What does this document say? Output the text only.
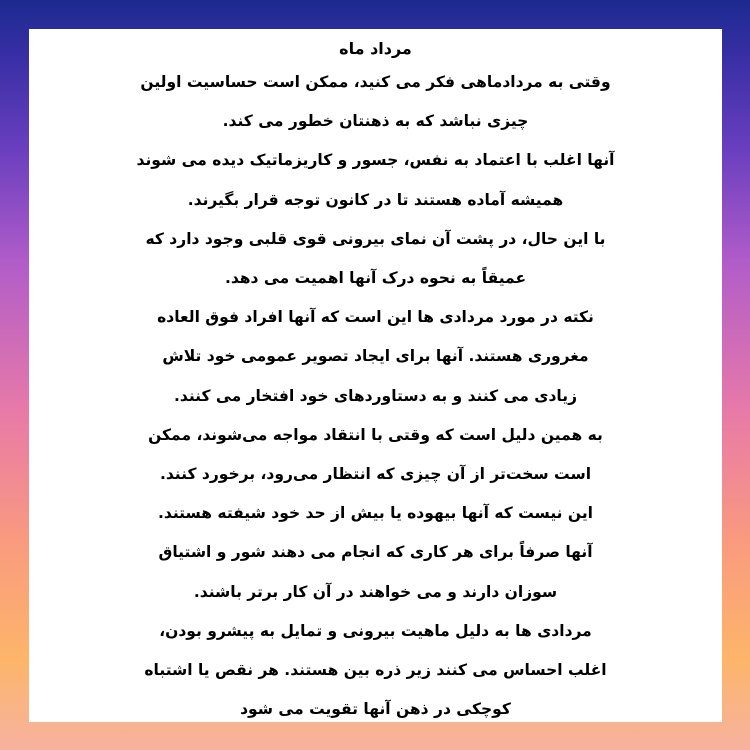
مرداد ماه
وقتی به مردادماهی فکر می کنید، ممکن است حساسیت اولین
چیزی نباشد که به ذهنتان خطور می کند.
آنها اغلب با اعتماد به نفس، جسور و کاریزماتیک دیده می شوند
همیشه آماده هستند تا در کانون توجه قرار بگیرند.
با این حال، در پشت آن نمای بیرونی قوی قلبی وجود دارد که
عمیقاً به نحوه درک آنها اهمیت می دهد.
نکته در مورد مردادی ها این است که آنها افراد فوق العاده
مغروری هستند. آنها برای ایجاد تصویر عمومی خود تلاش
زیادی می کنند و به دستاوردهای خود افتخار می کنند.
به همین دلیل است که وقتی با انتقاد مواجه می‌شوند، ممکن
است سخت‌تر از آن چیزی که انتظار می‌رود، برخورد کنند.
این نیست که آنها بیهوده یا بیش از حد خود شیفته هستند.
آنها صرفاً برای هر کاری که انجام می دهند شور و اشتیاق
سوزان دارند و می خواهند در آن کار برتر باشند.
مردادی ها به دلیل ماهیت بیرونی و تمایل به پیشرو بودن،
اغلب احساس می کنند زیر ذره بین هستند. هر نقص یا اشتباه
کوچکی در ذهن آنها تقویت می شود
